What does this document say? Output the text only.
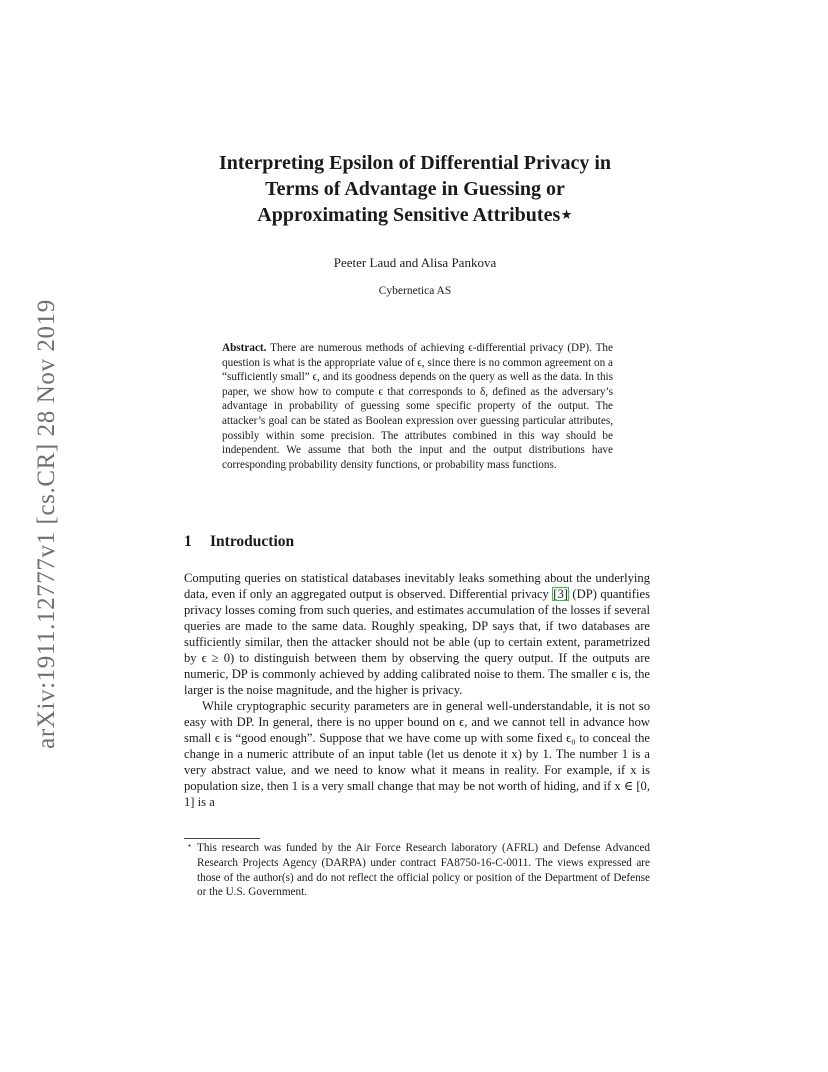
arXiv:1911.12777v1 [cs.CR] 28 Nov 2019
Interpreting Epsilon of Differential Privacy in
Terms of Advantage in Guessing or
Approximating Sensitive Attributes⋆
Peeter Laud and Alisa Pankova
Cybernetica AS
Abstract. There are numerous methods of achieving ϵ-differential privacy (DP). The question is what is the appropriate value of ϵ, since there is no common agreement on a “sufficiently small” ϵ, and its goodness depends on the query as well as the data. In this paper, we show how to compute ϵ that corresponds to δ, defined as the adversary’s advantage in probability of guessing some specific property of the output. The attacker’s goal can be stated as Boolean expression over guessing particular attributes, possibly within some precision. The attributes combined in this way should be independent. We assume that both the input and the output distributions have corresponding probability density functions, or probability mass functions.
1 Introduction

Computing queries on statistical databases inevitably leaks something about the underlying data, even if only an aggregated output is observed. Differential privacy [3] (DP) quantifies privacy losses coming from such queries, and estimates accumulation of the losses if several queries are made to the same data. Roughly speaking, DP says that, if two databases are sufficiently similar, then the attacker should not be able (up to certain extent, parametrized by ϵ ≥ 0) to distinguish between them by observing the query output. If the outputs are numeric, DP is commonly achieved by adding calibrated noise to them. The smaller ϵ is, the larger is the noise magnitude, and the higher is privacy.

While cryptographic security parameters are in general well-understandable, it is not so easy with DP. In general, there is no upper bound on ϵ, and we cannot tell in advance how small ϵ is “good enough”. Suppose that we have come up with some fixed ϵ₀ to conceal the change in a numeric attribute of an input table (let us denote it x) by 1. The number 1 is a very abstract value, and we need to know what it means in reality. For example, if x is population size, then 1 is a very small change that may be not worth of hiding, and if x ∈ [0, 1] is a

⋆ This research was funded by the Air Force Research laboratory (AFRL) and Defense Advanced Research Projects Agency (DARPA) under contract FA8750-16-C-0011. The views expressed are those of the author(s) and do not reflect the official policy or position of the Department of Defense or the U.S. Government.
